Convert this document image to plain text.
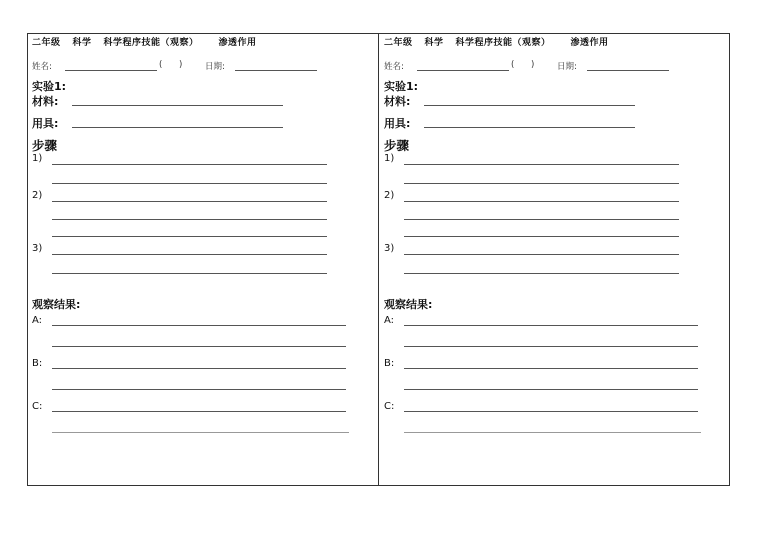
二年级 科学 科学程序技能（观察） 渗透作用
姓名:	( )	日期:
实验1:
材料:
用具:
步骤
1)
2)
3)
观察结果:
A:
B:
C:
二年级 科学 科学程序技能（观察） 渗透作用
姓名:	( )	日期:
实验1:
材料:
用具:
步骤
1)
2)
3)
观察结果:
A:
B:
C:
